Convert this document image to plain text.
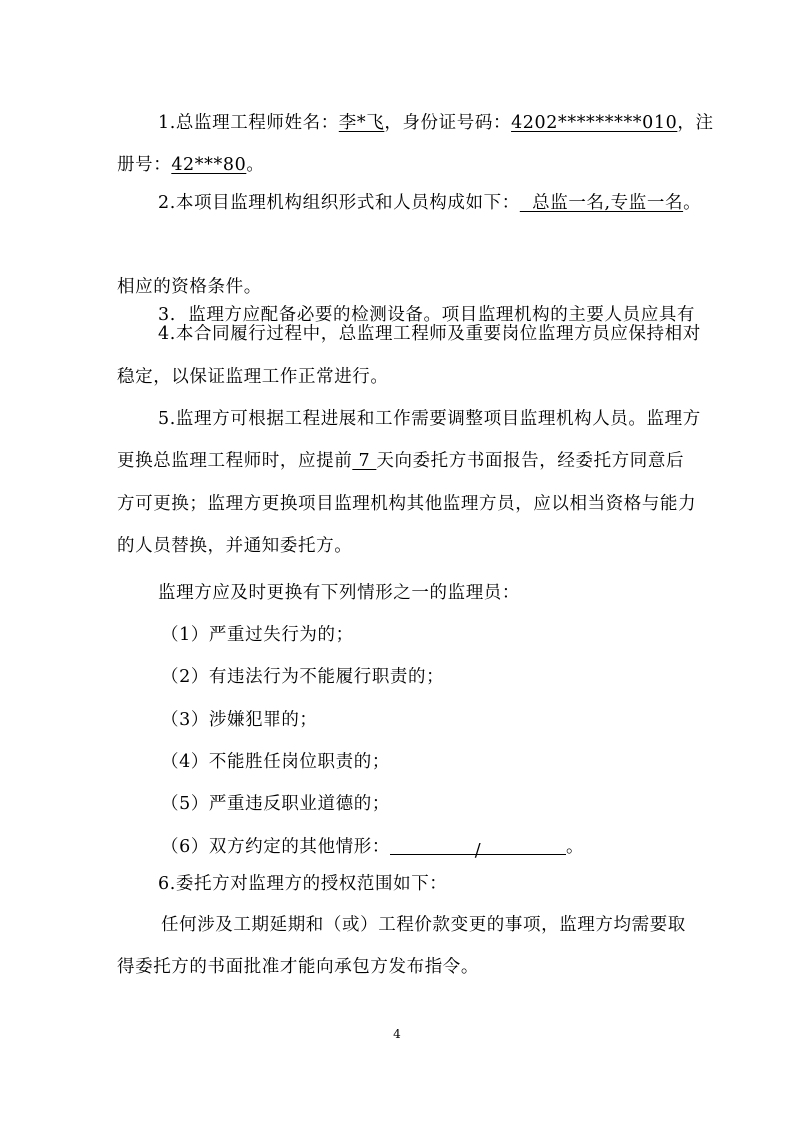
1.总监理工程师姓名：李*飞，身份证号码：4202*********010，注

册号：42***80。

2.本项目监理机构组织形式和人员构成如下：  总监一名,专监一名。

3.  监理方应配备必要的检测设备。项目监理机构的主要人员应具有

相应的资格条件。

4.本合同履行过程中，总监理工程师及重要岗位监理方员应保持相对

稳定，以保证监理工作正常进行。

5.监理方可根据工程进展和工作需要调整项目监理机构人员。监理方

更换总监理工程师时，应提前 7 天向委托方书面报告，经委托方同意后

方可更换；监理方更换项目监理机构其他监理方员，应以相当资格与能力

的人员替换，并通知委托方。

监理方应及时更换有下列情形之一的监理员：

（1）严重过失行为的；

（2）有违法行为不能履行职责的；

（3）涉嫌犯罪的；

（4）不能胜任岗位职责的；

（5）严重违反职业道德的；

（6）双方约定的其他情形：	/	。

6.委托方对监理方的授权范围如下：

任何涉及工期延期和（或）工程价款变更的事项，监理方均需要取

得委托方的书面批准才能向承包方发布指令。

4
